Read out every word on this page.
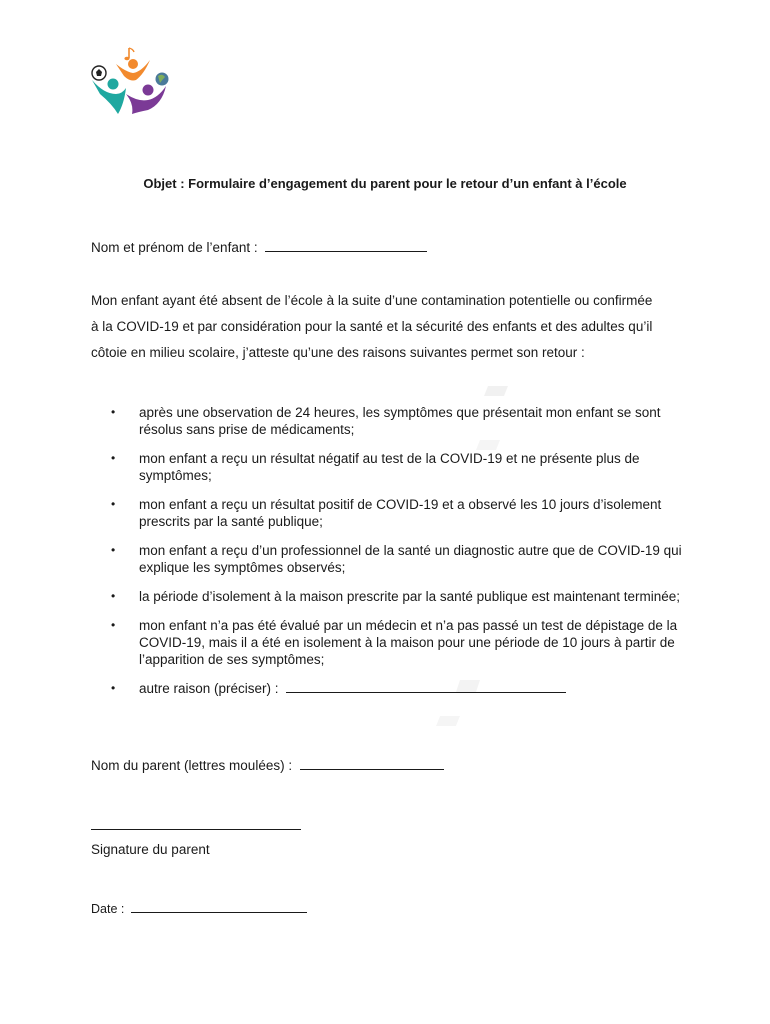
Objet : Formulaire d’engagement du parent pour le retour d’un enfant à l’école
Nom et prénom de l’enfant :
Mon enfant ayant été absent de l’école à la suite d’une contamination potentielle ou confirmée
à la COVID-19 et par considération pour la santé et la sécurité des enfants et des adultes qu’il
côtoie en milieu scolaire, j’atteste qu’une des raisons suivantes permet son retour :
• après une observation de 24 heures, les symptômes que présentait mon enfant se sont résolus sans prise de médicaments;
• mon enfant a reçu un résultat négatif au test de la COVID-19 et ne présente plus de symptômes;
• mon enfant a reçu un résultat positif de COVID-19 et a observé les 10 jours d’isolement prescrits par la santé publique;
• mon enfant a reçu d’un professionnel de la santé un diagnostic autre que de COVID-19 qui explique les symptômes observés;
• la période d’isolement à la maison prescrite par la santé publique est maintenant terminée;
• mon enfant n’a pas été évalué par un médecin et n’a pas passé un test de dépistage de la COVID-19, mais il a été en isolement à la maison pour une période de 10 jours à partir de l’apparition de ses symptômes;
• autre raison (préciser) :
Nom du parent (lettres moulées) :
Signature du parent
Date :
